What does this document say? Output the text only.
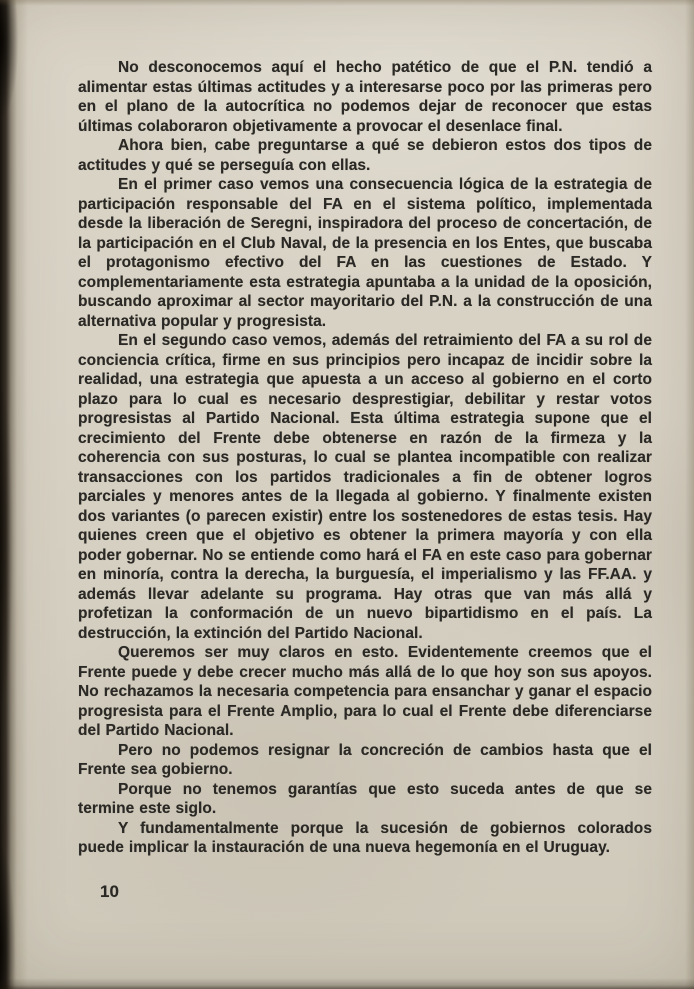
No desconocemos aquí el hecho patético de que el P.N. tendió a alimentar estas últimas actitudes y a interesarse poco por las primeras pero en el plano de la autocrítica no podemos dejar de reconocer que estas últimas colaboraron objetivamente a provocar el desenlace final.

Ahora bien, cabe preguntarse a qué se debieron estos dos tipos de actitudes y qué se perseguía con ellas.

En el primer caso vemos una consecuencia lógica de la estrategia de participación responsable del FA en el sistema político, implementada desde la liberación de Seregni, inspiradora del proceso de concertación, de la participación en el Club Naval, de la presencia en los Entes, que buscaba el protagonismo efectivo del FA en las cuestiones de Estado. Y complementariamente esta estrategia apuntaba a la unidad de la oposición, buscando aproximar al sector mayoritario del P.N. a la construcción de una alternativa popular y progresista.

En el segundo caso vemos, además del retraimiento del FA a su rol de conciencia crítica, firme en sus principios pero incapaz de incidir sobre la realidad, una estrategia que apuesta a un acceso al gobierno en el corto plazo para lo cual es necesario desprestigiar, debilitar y restar votos progresistas al Partido Nacional. Esta última estrategia supone que el crecimiento del Frente debe obtenerse en razón de la firmeza y la coherencia con sus posturas, lo cual se plantea incompatible con realizar transacciones con los partidos tradicionales a fin de obtener logros parciales y menores antes de la llegada al gobierno. Y finalmente existen dos variantes (o parecen existir) entre los sostenedores de estas tesis. Hay quienes creen que el objetivo es obtener la primera mayoría y con ella poder gobernar. No se entiende como hará el FA en este caso para gobernar en minoría, contra la derecha, la burguesía, el imperialismo y las FF.AA. y además llevar adelante su programa. Hay otras que van más allá y profetizan la conformación de un nuevo bipartidismo en el país. La destrucción, la extinción del Partido Nacional.

Queremos ser muy claros en esto. Evidentemente creemos que el Frente puede y debe crecer mucho más allá de lo que hoy son sus apoyos. No rechazamos la necesaria competencia para ensanchar y ganar el espacio progresista para el Frente Amplio, para lo cual el Frente debe diferenciarse del Partido Nacional.

Pero no podemos resignar la concreción de cambios hasta que el Frente sea gobierno.

Porque no tenemos garantías que esto suceda antes de que se termine este siglo.

Y fundamentalmente porque la sucesión de gobiernos colorados puede implicar la instauración de una nueva hegemonía en el Uruguay.

10
